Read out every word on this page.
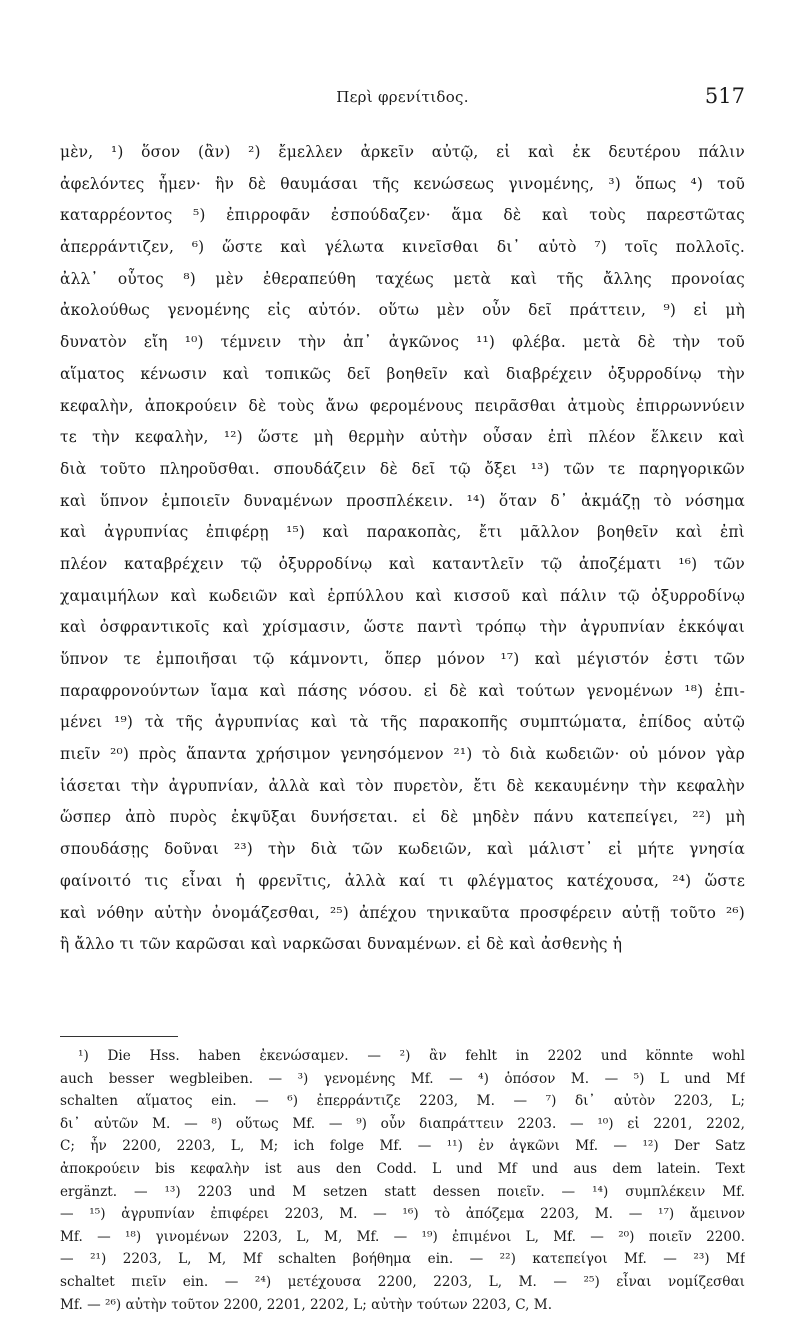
Περὶ φρενίτιδος.	517
μὲν, ¹) ὅσον (ἂν) ²) ἔμελλεν ἀρκεῖν αὐτῷ, εἰ καὶ ἐκ δευτέρου πάλιν
ἀφελόντες ἦμεν· ἣν δὲ θαυμάσαι τῆς κενώσεως γινομένης, ³) ὅπως ⁴) τοῦ
καταρρέοντος ⁵) ἐπιρροφᾶν ἐσπούδαζεν· ἅμα δὲ καὶ τοὺς παρεστῶτας
ἀπερράντιζεν, ⁶) ὥστε καὶ γέλωτα κινεῖσθαι δι᾿ αὐτὸ ⁷) τοῖς πολλοῖς.
ἀλλ᾿ οὗτος ⁸) μὲν ἐθεραπεύθη ταχέως μετὰ καὶ τῆς ἄλλης προνοίας
ἀκολούθως γενομένης εἰς αὐτόν. οὕτω μὲν οὖν δεῖ πράττειν, ⁹) εἰ μὴ
δυνατὸν εἴη ¹⁰) τέμνειν τὴν ἀπ᾿ ἀγκῶνος ¹¹) φλέβα. μετὰ δὲ τὴν τοῦ
αἵματος κένωσιν καὶ τοπικῶς δεῖ βοηθεῖν καὶ διαβρέχειν ὀξυρροδίνῳ τὴν
κεφαλὴν, ἀποκρούειν δὲ τοὺς ἄνω φερομένους πειρᾶσθαι ἀτμοὺς ἐπιρρωννύειν
τε τὴν κεφαλὴν, ¹²) ὥστε μὴ θερμὴν αὐτὴν οὖσαν ἐπὶ πλέον ἕλκειν καὶ
διὰ τοῦτο πληροῦσθαι. σπουδάζειν δὲ δεῖ τῷ ὄξει ¹³) τῶν τε παρηγορικῶν
καὶ ὕπνον ἐμποιεῖν δυναμένων προσπλέκειν. ¹⁴) ὅταν δ᾿ ἀκμάζῃ τὸ νόσημα
καὶ ἀγρυπνίας ἐπιφέρῃ ¹⁵) καὶ παρακοπὰς, ἔτι μᾶλλον βοηθεῖν καὶ ἐπὶ
πλέον καταβρέχειν τῷ ὀξυρροδίνῳ καὶ καταντλεῖν τῷ ἀποζέματι ¹⁶) τῶν
χαμαιμήλων καὶ κωδειῶν καὶ ἑρπύλλου καὶ κισσοῦ καὶ πάλιν τῷ ὀξυρροδίνῳ
καὶ ὀσφραντικοῖς καὶ χρίσμασιν, ὥστε παντὶ τρόπῳ τὴν ἀγρυπνίαν ἐκκόψαι
ὕπνον τε ἐμποιῆσαι τῷ κάμνοντι, ὅπερ μόνον ¹⁷) καὶ μέγιστόν ἐστι τῶν
παραφρονούντων ἴαμα καὶ πάσης νόσου. εἰ δὲ καὶ τούτων γενομένων ¹⁸) ἐπι-
μένει ¹⁹) τὰ τῆς ἀγρυπνίας καὶ τὰ τῆς παρακοπῆς συμπτώματα, ἐπίδος αὐτῷ
πιεῖν ²⁰) πρὸς ἅπαντα χρήσιμον γενησόμενον ²¹) τὸ διὰ κωδειῶν· οὐ μόνον γὰρ
ἰάσεται τὴν ἀγρυπνίαν, ἀλλὰ καὶ τὸν πυρετὸν, ἔτι δὲ κεκαυμένην τὴν κεφαλὴν
ὥσπερ ἀπὸ πυρὸς ἐκψῦξαι δυνήσεται. εἰ δὲ μηδὲν πάνυ κατεπείγει, ²²) μὴ
σπουδάσῃς δοῦναι ²³) τὴν διὰ τῶν κωδειῶν, καὶ μάλιστ᾿ εἰ μήτε γνησία
φαίνοιτό τις εἶναι ἡ φρενῖτις, ἀλλὰ καί τι φλέγματος κατέχουσα, ²⁴) ὥστε
καὶ νόθην αὐτὴν ὀνομάζεσθαι, ²⁵) ἀπέχου τηνικαῦτα προσφέρειν αὐτῇ τοῦτο ²⁶)
ἢ ἄλλο τι τῶν καρῶσαι καὶ ναρκῶσαι δυναμένων. εἰ δὲ καὶ ἀσθενὴς ἡ
¹) Die Hss. haben ἐκενώσαμεν. — ²) ἂν fehlt in 2202 und könnte wohl
auch besser wegbleiben. — ³) γενομένης Mf. — ⁴) ὁπόσον M. — ⁵) L und Mf
schalten αἵματος ein. — ⁶) ἐπερράντιζε 2203, M. — ⁷) δι᾿ αὐτὸν 2203, L;
δι᾿ αὐτῶν M. — ⁸) οὕτως Mf. — ⁹) οὖν διαπράττειν 2203. — ¹⁰) εἰ 2201, 2202,
C; ἦν 2200, 2203, L, M; ich folge Mf. — ¹¹) ἐν ἀγκῶνι Mf. — ¹²) Der Satz
ἀποκρούειν bis κεφαλὴν ist aus den Codd. L und Mf und aus dem latein. Text
ergänzt. — ¹³) 2203 und M setzen statt dessen ποιεῖν. — ¹⁴) συμπλέκειν Mf.
— ¹⁵) ἀγρυπνίαν ἐπιφέρει 2203, M. — ¹⁶) τὸ ἀπόζεμα 2203, M. — ¹⁷) ἄμεινον
Mf. — ¹⁸) γινομένων 2203, L, M, Mf. — ¹⁹) ἐπιμένοι L, Mf. — ²⁰) ποιεῖν 2200.
— ²¹) 2203, L, M, Mf schalten βοήθημα ein. — ²²) κατεπείγοι Mf. — ²³) Mf
schaltet πιεῖν ein. — ²⁴) μετέχουσα 2200, 2203, L, M. — ²⁵) εἶναι νομίζεσθαι
Mf. — ²⁶) αὐτὴν τοῦτον 2200, 2201, 2202, L; αὐτὴν τούτων 2203, C, M.
